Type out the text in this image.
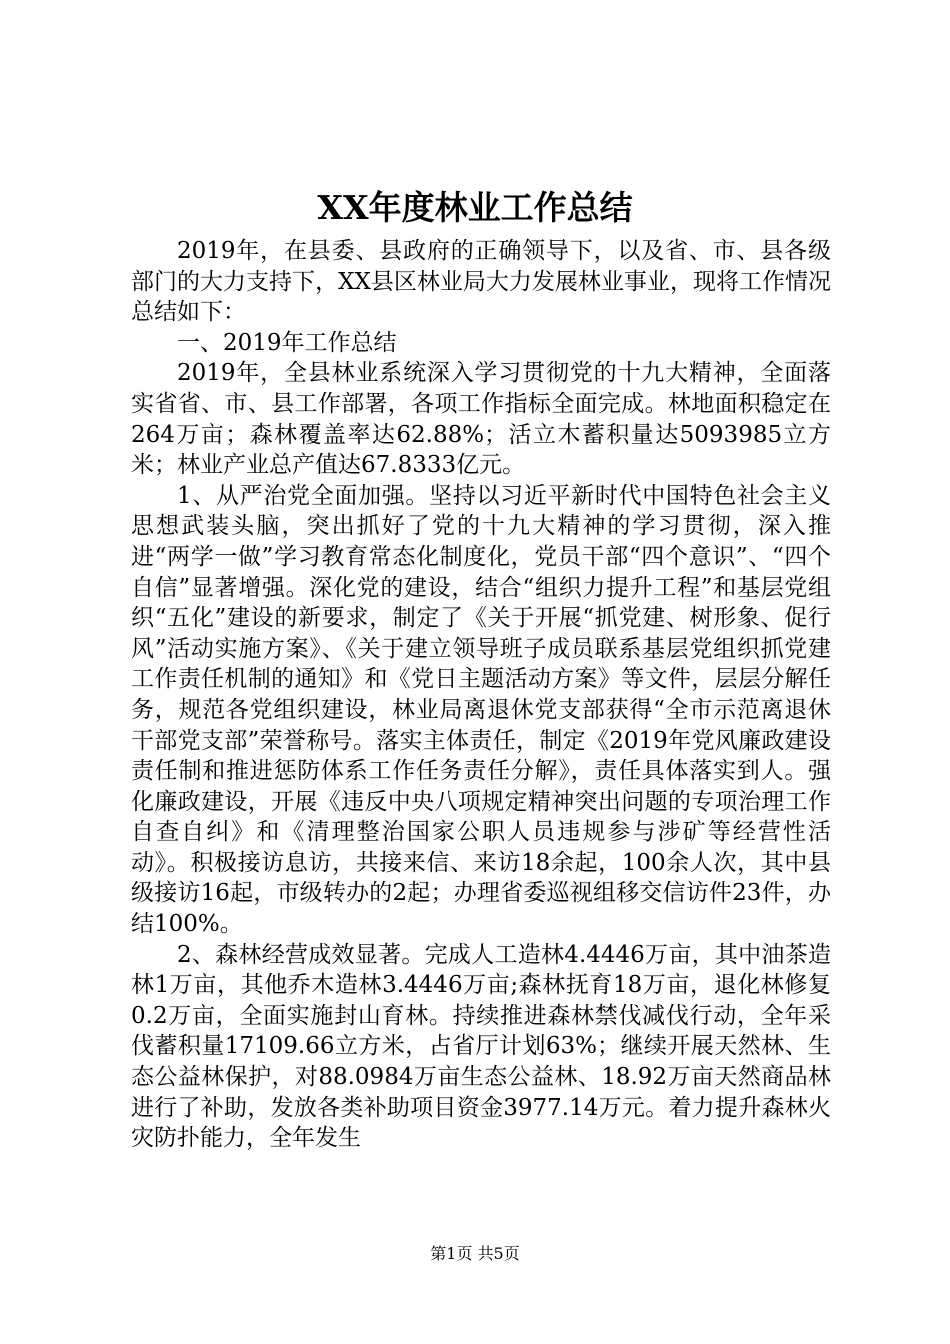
XX年度林业工作总结

2019年，在县委、县政府的正确领导下，以及省、市、县各级部门的大力支持下，XX县区林业局大力发展林业事业，现将工作情况总结如下：

一、2019年工作总结

2019年，全县林业系统深入学习贯彻党的十九大精神，全面落实省省、市、县工作部署，各项工作指标全面完成。林地面积稳定在264万亩；森林覆盖率达62.88%；活立木蓄积量达5093985立方米；林业产业总产值达67.8333亿元。

1、从严治党全面加强。坚持以习近平新时代中国特色社会主义思想武装头脑，突出抓好了党的十九大精神的学习贯彻，深入推进“两学一做”学习教育常态化制度化，党员干部“四个意识”、“四个自信”显著增强。深化党的建设，结合“组织力提升工程”和基层党组织“五化”建设的新要求，制定了《关于开展“抓党建、树形象、促行风”活动实施方案》、《关于建立领导班子成员联系基层党组织抓党建工作责任机制的通知》和《党日主题活动方案》等文件，层层分解任务，规范各党组织建设，林业局离退休党支部获得“全市示范离退休干部党支部”荣誉称号。落实主体责任，制定《2019年党风廉政建设责任制和推进惩防体系工作任务责任分解》，责任具体落实到人。强化廉政建设，开展《违反中央八项规定精神突出问题的专项治理工作自查自纠》和《清理整治国家公职人员违规参与涉矿等经营性活动》。积极接访息访，共接来信、来访18余起，100余人次，其中县级接访16起，市级转办的2起；办理省委巡视组移交信访件23件，办结100%。

2、森林经营成效显著。完成人工造林4.4446万亩，其中油茶造林1万亩，其他乔木造林3.4446万亩;森林抚育18万亩，退化林修复0.2万亩，全面实施封山育林。持续推进森林禁伐减伐行动，全年采伐蓄积量17109.66立方米，占省厅计划63%；继续开展天然林、生态公益林保护，对88.0984万亩生态公益林、18.92万亩天然商品林进行了补助，发放各类补助项目资金3977.14万元。着力提升森林火灾防扑能力，全年发生

第1页 共5页
